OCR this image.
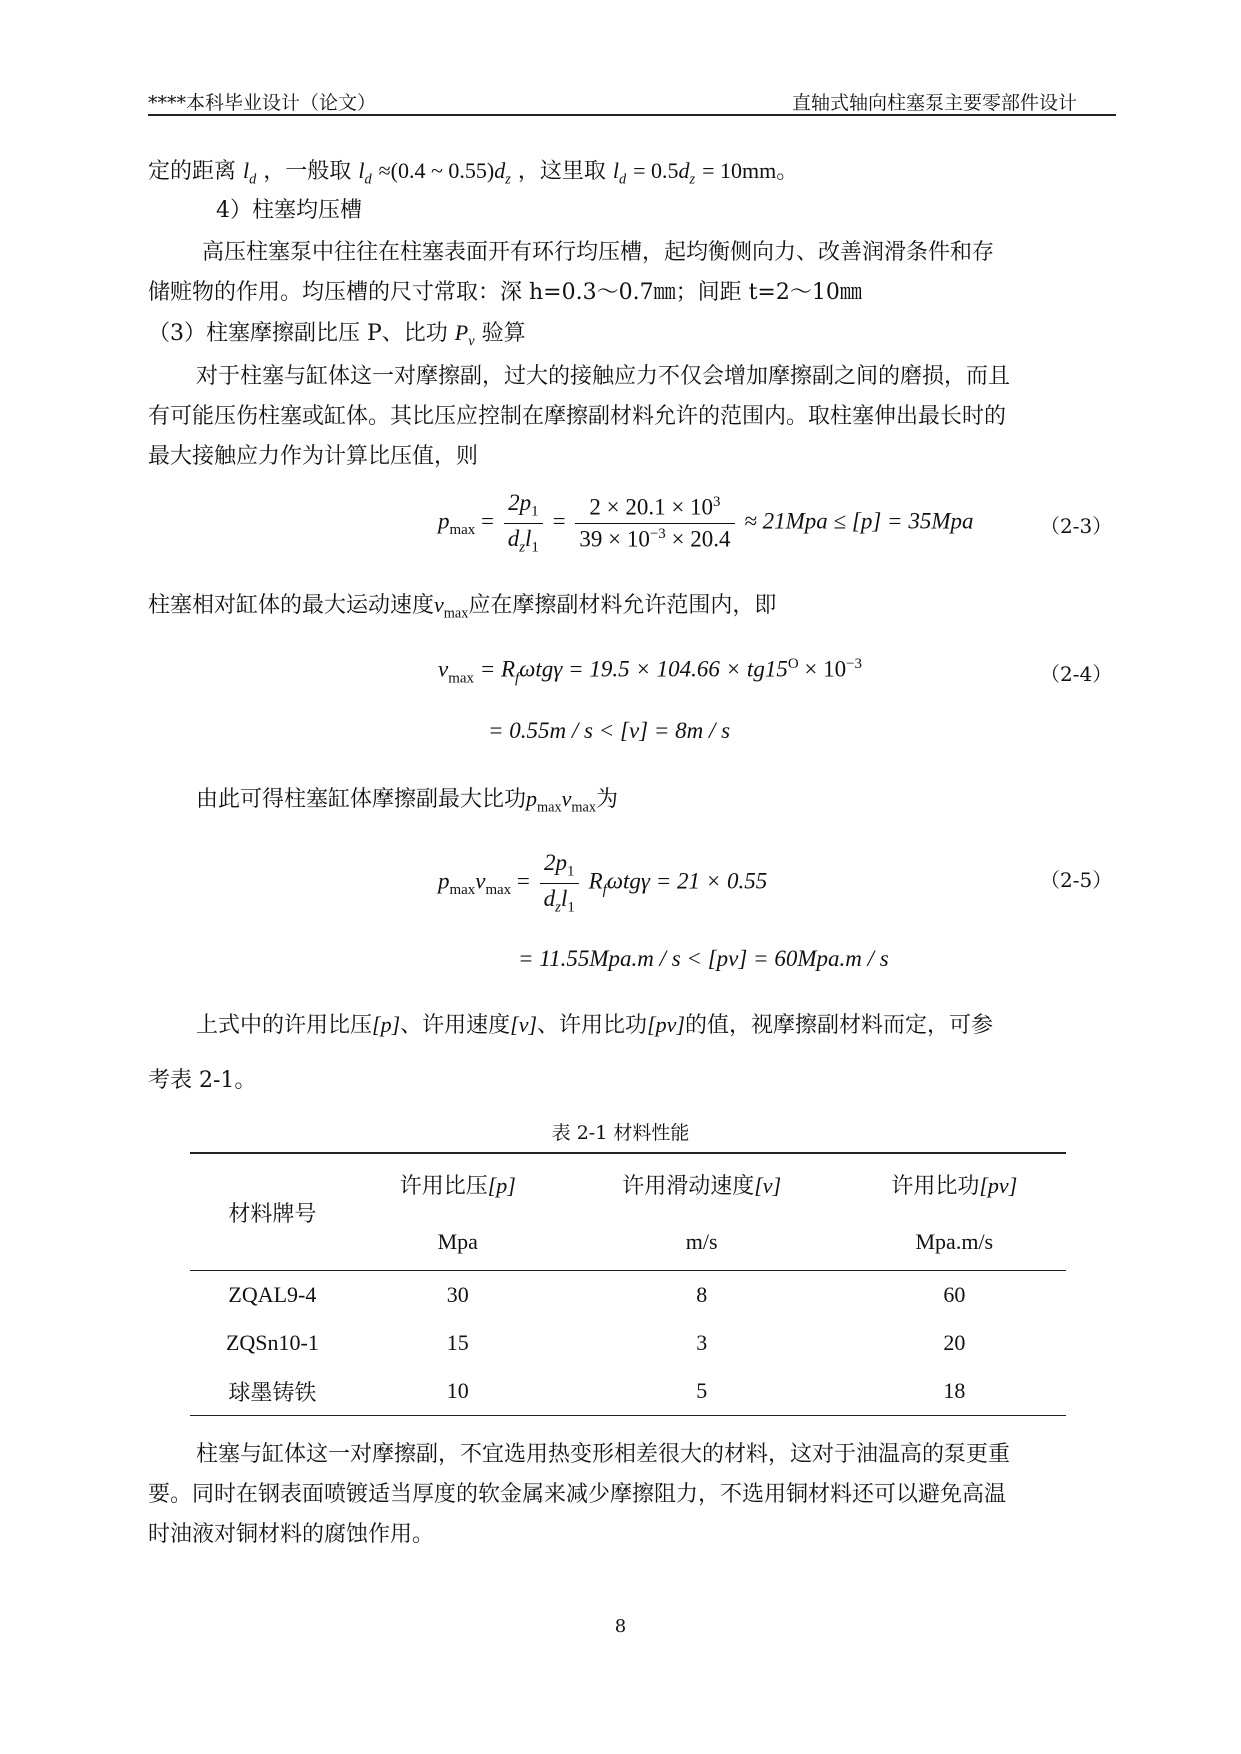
****本科毕业设计（论文）	直轴式轴向柱塞泵主要零部件设计
定的距离 $l_d$ ，一般取 $l_d \approx(0.4$ ~ $0.55)d_z$ ，这里取 $l_d = 0.5d_z = 10mm$。
4）柱塞均压槽
高压柱塞泵中往往在柱塞表面开有环行均压槽，起均衡侧向力、改善润滑条件和存
储赃物的作用。均压槽的尺寸常取：深 h=0.3～0.7㎜；间距 t=2～10㎜
（3）柱塞摩擦副比压 P、比功 $P_v$ 验算
对于柱塞与缸体这一对摩擦副，过大的接触应力不仅会增加摩擦副之间的磨损，而且
有可能压伤柱塞或缸体。其比压应控制在摩擦副材料允许的范围内。取柱塞伸出最长时的
最大接触应力作为计算比压值，则
$p_{max} = \frac{2p_1}{d_zl_1} = \frac{2 \times 20.1 \times 10^3}{39 \times 10^{-3} \times 20.4} \approx 21Mpa \le [p] = 35Mpa$	（2-3）
柱塞相对缸体的最大运动速度$v_{max}$应在摩擦副材料允许范围内，即
$v_{max} = R_f\omega tg\gamma = 19.5 \times 104.66 \times tg15^O \times 10^{-3}$	（2-4）
= 0.55m / s < [v] = 8m / s
由此可得柱塞缸体摩擦副最大比功$p_{max}v_{max}$为
$p_{max}v_{max} = \frac{2p_1}{d_zl_1} R_f\omega tg\gamma = 21 \times 0.55$	（2-5）
= 11.55Mpa.m / s < [pv] = 60Mpa.m / s
上式中的许用比压[p]、许用速度[v]、许用比功[pv]的值，视摩擦副材料而定，可参
考表 2-1。
表 2-1 材料性能
材料牌号	许用比压[p]	许用滑动速度[v]	许用比功[pv]
	Mpa	m/s	Mpa.m/s
ZQAL9-4	30	8	60
ZQSn10-1	15	3	20
球墨铸铁	10	5	18
柱塞与缸体这一对摩擦副，不宜选用热变形相差很大的材料，这对于油温高的泵更重
要。同时在钢表面喷镀适当厚度的软金属来减少摩擦阻力，不选用铜材料还可以避免高温
时油液对铜材料的腐蚀作用。
8
